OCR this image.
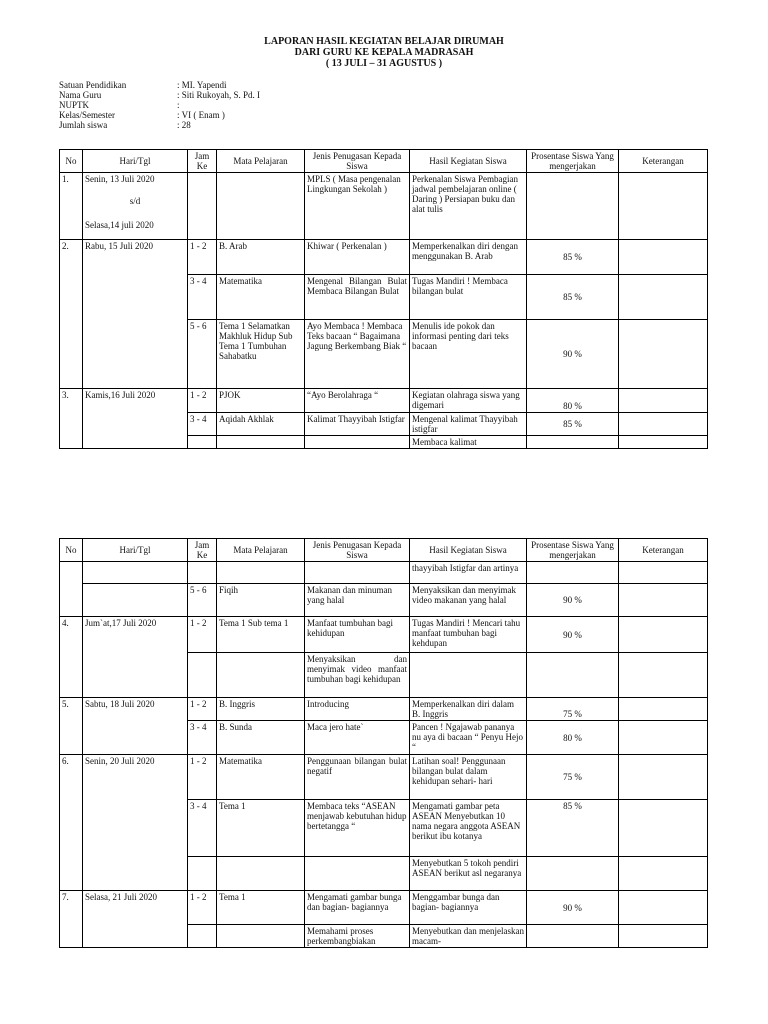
LAPORAN HASIL KEGIATAN BELAJAR DIRUMAH
DARI GURU KE KEPALA MADRASAH
( 13 JULI – 31 AGUSTUS )
Satuan Pendidikan	: MI. Yapendi
Nama Guru	: Siti Rukoyah, S. Pd. I
NUPTK	:
Kelas/Semester	: VI ( Enam )
Jumlah siswa	: 28
No	Hari/Tgl	Jam Ke	Mata Pelajaran	Jenis Penugasan Kepada Siswa	Hasil Kegiatan Siswa	Prosentase Siswa Yang mengerjakan	Keterangan
1.	Senin, 13 Juli 2020
s/d
Selasa,14 juli 2020			MPLS ( Masa pengenalan Lingkungan Sekolah )	Perkenalan Siswa Pembagian jadwal pembelajaran online ( Daring ) Persiapan buku dan alat tulis		
2.	Rabu, 15 Juli 2020	1 - 2	B. Arab	Khiwar ( Perkenalan )	Memperkenalkan diri dengan menggunakan B. Arab	85 %	
		3 - 4	Matematika	Mengenal Bilangan Bulat Membaca Bilangan Bulat	Tugas Mandiri ! Membaca bilangan bulat	85 %	
		5 - 6	Tema 1 Selamatkan Makhluk Hidup Sub Tema 1 Tumbuhan Sahabatku	Ayo Membaca ! Membaca Teks bacaan “ Bagaimana Jagung Berkembang Biak “	Menulis ide pokok dan informasi penting dari teks bacaan	90 %	
3.	Kamis,16 Juli 2020	1 - 2	PJOK	“Ayo Berolahraga “	Kegiatan olahraga siswa yang digemari	80 %	
		3 - 4	Aqidah Akhlak	Kalimat Thayyibah Istigfar	Mengenal kalimat Thayyibah istigfar	85 %	
					Membaca kalimat		
No	Hari/Tgl	Jam Ke	Mata Pelajaran	Jenis Penugasan Kepada Siswa	Hasil Kegiatan Siswa	Prosentase Siswa Yang mengerjakan	Keterangan
					thayyibah Istigfar dan artinya		
		5 - 6	Fiqih	Makanan dan minuman yang halal	Menyaksikan dan menyimak video makanan yang halal	90 %	
4.	Jum`at,17 Juli 2020	1 - 2	Tema 1 Sub tema 1	Manfaat tumbuhan bagi kehidupan	Tugas Mandiri ! Mencari tahu manfaat tumbuhan bagi kehdupan	90 %	
				Menyaksikan dan menyimak video manfaat tumbuhan bagi kehidupan			
5.	Sabtu, 18 Juli 2020	1 - 2	B. Inggris	Introducing	Memperkenalkan diri dalam B. Inggris	75 %	
		3 - 4	B. Sunda	Maca jero hate`	Pancen ! Ngajawab pananya nu aya di bacaan “ Penyu Hejo “	80 %	
6.	Senin, 20 Juli 2020	1 - 2	Matematika	Penggunaan bilangan bulat negatif	Latihan soal! Penggunaan bilangan bulat dalam kehidupan sehari- hari	75 %	
		3 - 4	Tema 1	Membaca teks “ASEAN menjawab kebutuhan hidup bertetangga “	Mengamati gambar peta ASEAN Menyebutkan 10 nama negara anggota ASEAN berikut ibu kotanya	85 %	
					Menyebutkan 5 tokoh pendiri ASEAN berikut asl negaranya		
7.	Selasa, 21 Juli 2020	1 - 2	Tema 1	Mengamati gambar bunga dan bagian- bagiannya	Menggambar bunga dan bagian- bagiannya	90 %	
				Memahami proses perkembangbiakan	Menyebutkan dan menjelaskan macam-		
